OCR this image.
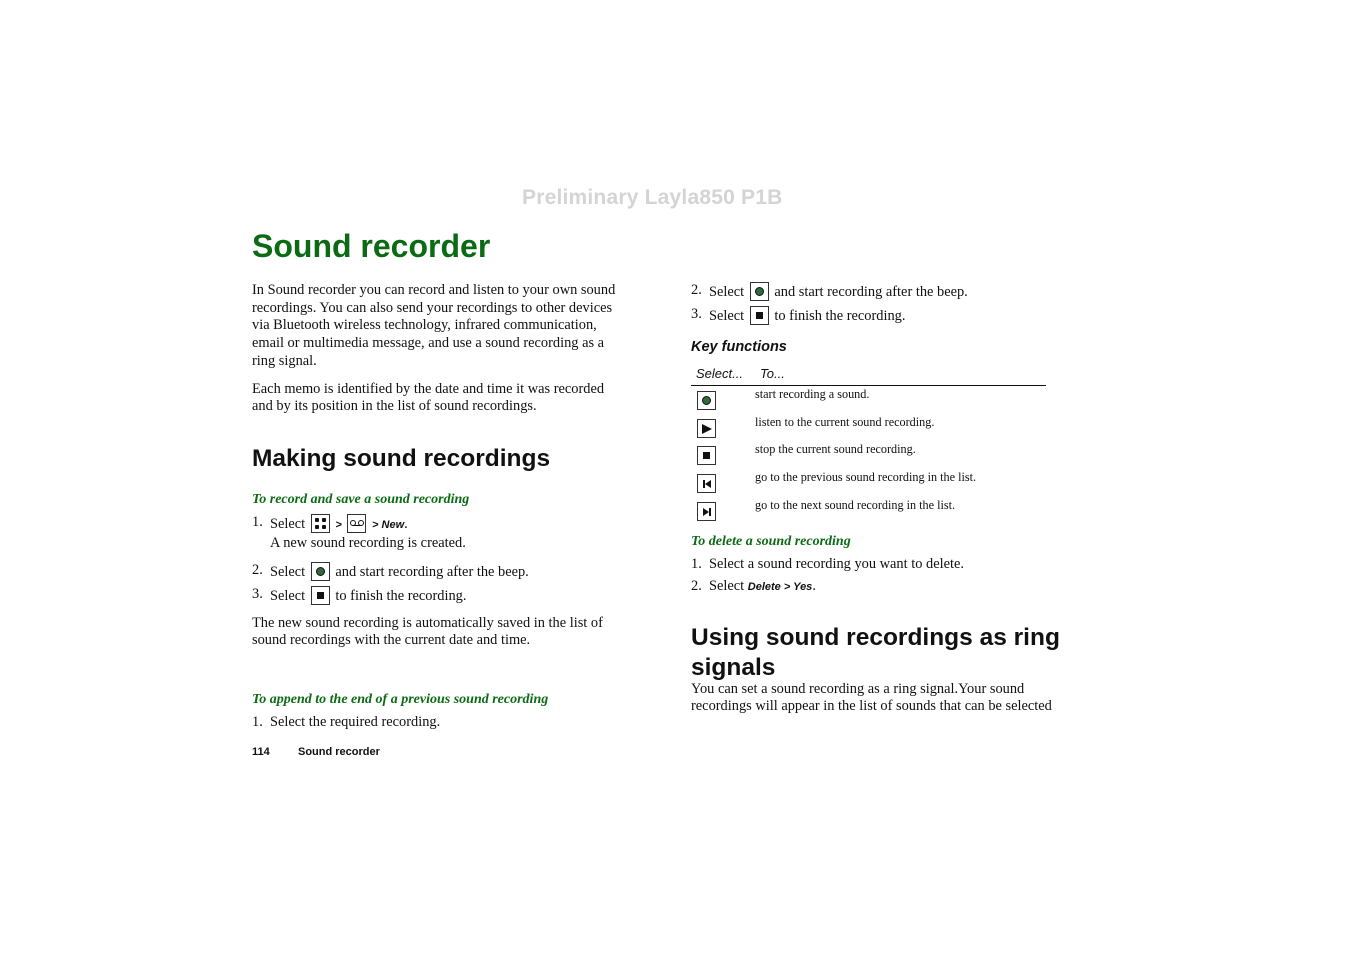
Preliminary Layla850 P1B
Sound recorder

In Sound recorder you can record and listen to your own sound recordings. You can also send your recordings to other devices via Bluetooth wireless technology, infrared communication, email or multimedia message, and use a sound recording as a ring signal.

Each memo is identified by the date and time it was recorded and by its position in the list of sound recordings.

Making sound recordings
To record and save a sound recording
1. Select	>	> New.
A new sound recording is created.
2. Select and start recording after the beep.
3. Select to finish the recording.

The new sound recording is automatically saved in the list of sound recordings with the current date and time.

To append to the end of a previous sound recording
1. Select the required recording.
2. Select and start recording after the beep.
3. Select to finish the recording.
Key functions
Select...	To...

	start recording a sound.

	listen to the current sound recording.

	stop the current sound recording.

	go to the previous sound recording in the list.

	go to the next sound recording in the list.
To delete a sound recording
1. Select a sound recording you want to delete.
2. Select Delete > Yes.
Using sound recordings as ring signals

You can set a sound recording as a ring signal.Your sound recordings will appear in the list of sounds that can be selected

114	Sound recorder
